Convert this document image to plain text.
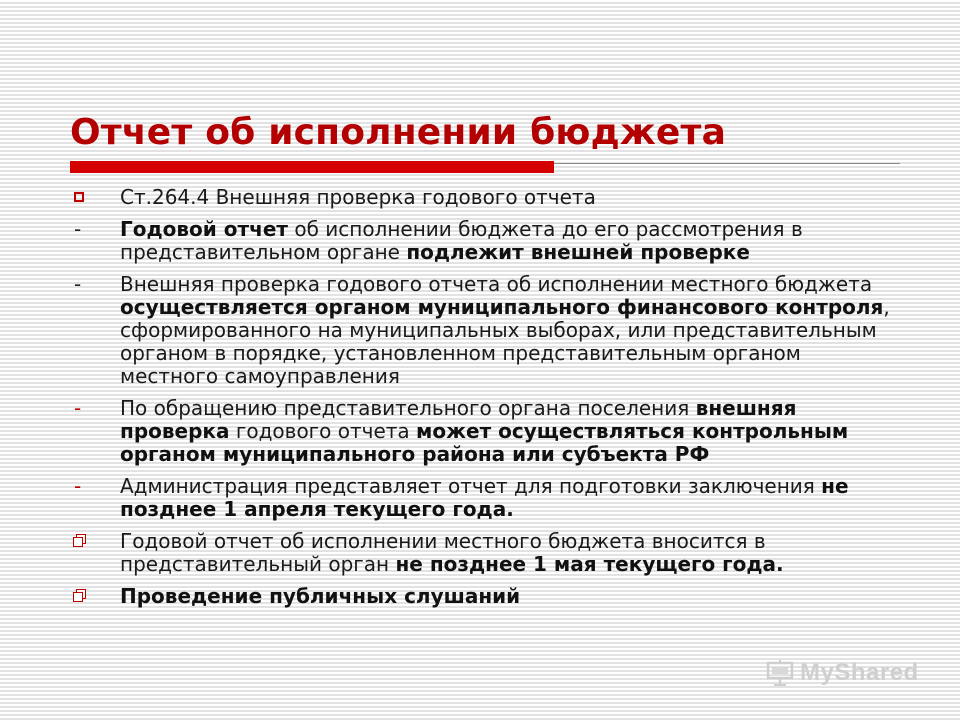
Отчет об исполнении бюджета
Ст.264.4 Внешняя проверка годового отчета
- Годовой отчет об исполнении бюджета до его рассмотрения в представительном органе подлежит внешней проверке
- Внешняя проверка годового отчета об исполнении местного бюджета осуществляется органом муниципального финансового контроля, сформированного на муниципальных выборах, или представительным органом в порядке, установленном представительным органом местного самоуправления
- По обращению представительного органа поселения внешняя проверка годового отчета может осуществляться контрольным органом муниципального района или субъекта РФ
- Администрация представляет отчет для подготовки заключения не позднее 1 апреля текущего года.
Годовой отчет об исполнении местного бюджета вносится в представительный орган не позднее 1 мая текущего года.
Проведение публичных слушаний
MyShared
